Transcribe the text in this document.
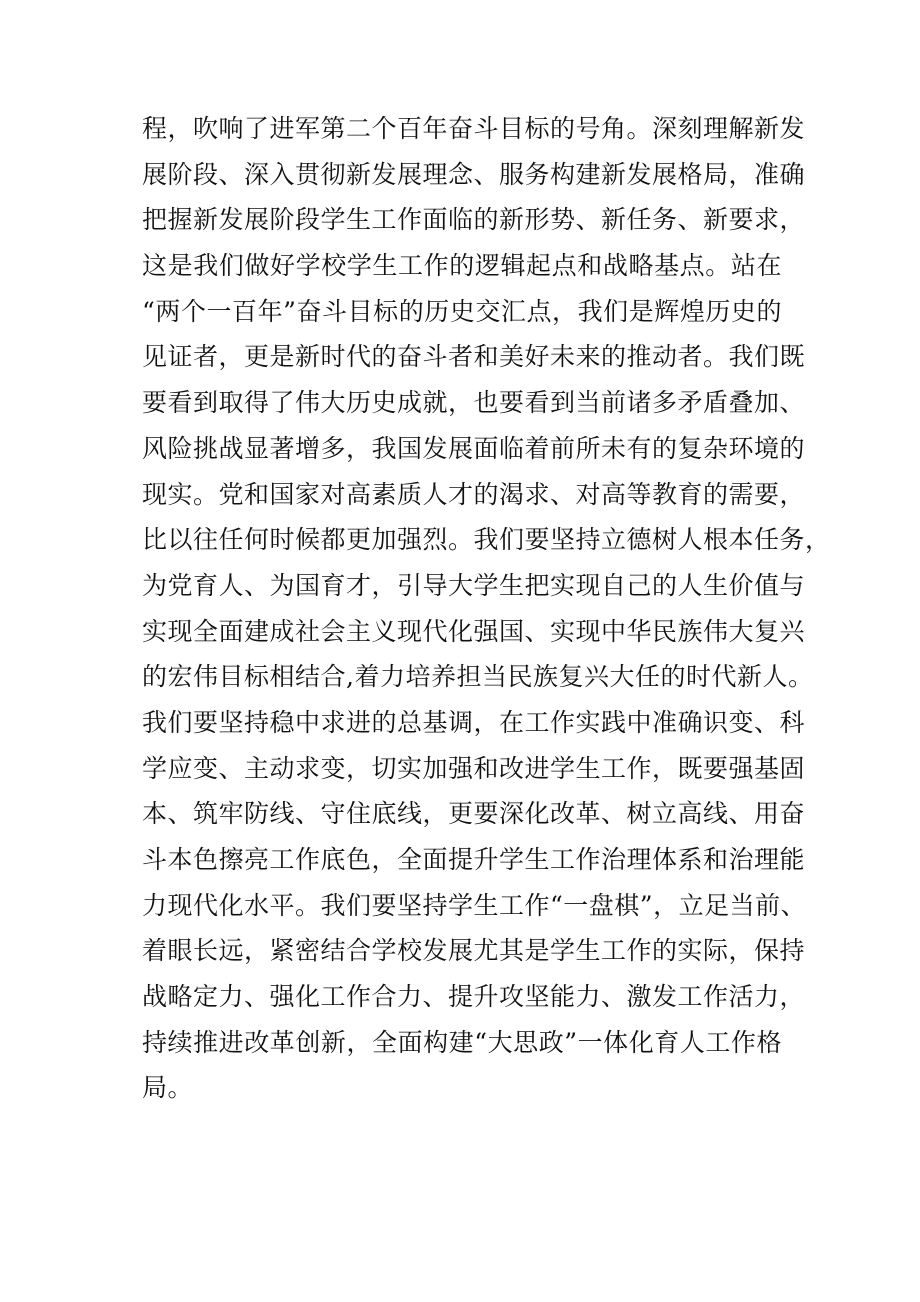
程，吹响了进军第二个百年奋斗目标的号角。深刻理解新发
展阶段、深入贯彻新发展理念、服务构建新发展格局，准确
把握新发展阶段学生工作面临的新形势、新任务、新要求，
这是我们做好学校学生工作的逻辑起点和战略基点。站在
“两个一百年”奋斗目标的历史交汇点，我们是辉煌历史的
见证者，更是新时代的奋斗者和美好未来的推动者。我们既
要看到取得了伟大历史成就，也要看到当前诸多矛盾叠加、
风险挑战显著增多，我国发展面临着前所未有的复杂环境的
现实。党和国家对高素质人才的渴求、对高等教育的需要，
比以往任何时候都更加强烈。我们要坚持立德树人根本任务，
为党育人、为国育才，引导大学生把实现自己的人生价值与
实现全面建成社会主义现代化强国、实现中华民族伟大复兴
的宏伟目标相结合,着力培养担当民族复兴大任的时代新人。
我们要坚持稳中求进的总基调，在工作实践中准确识变、科
学应变、主动求变，切实加强和改进学生工作，既要强基固
本、筑牢防线、守住底线，更要深化改革、树立高线、用奋
斗本色擦亮工作底色，全面提升学生工作治理体系和治理能
力现代化水平。我们要坚持学生工作“一盘棋”，立足当前、
着眼长远，紧密结合学校发展尤其是学生工作的实际，保持
战略定力、强化工作合力、提升攻坚能力、激发工作活力，
持续推进改革创新，全面构建“大思政”一体化育人工作格
局。
